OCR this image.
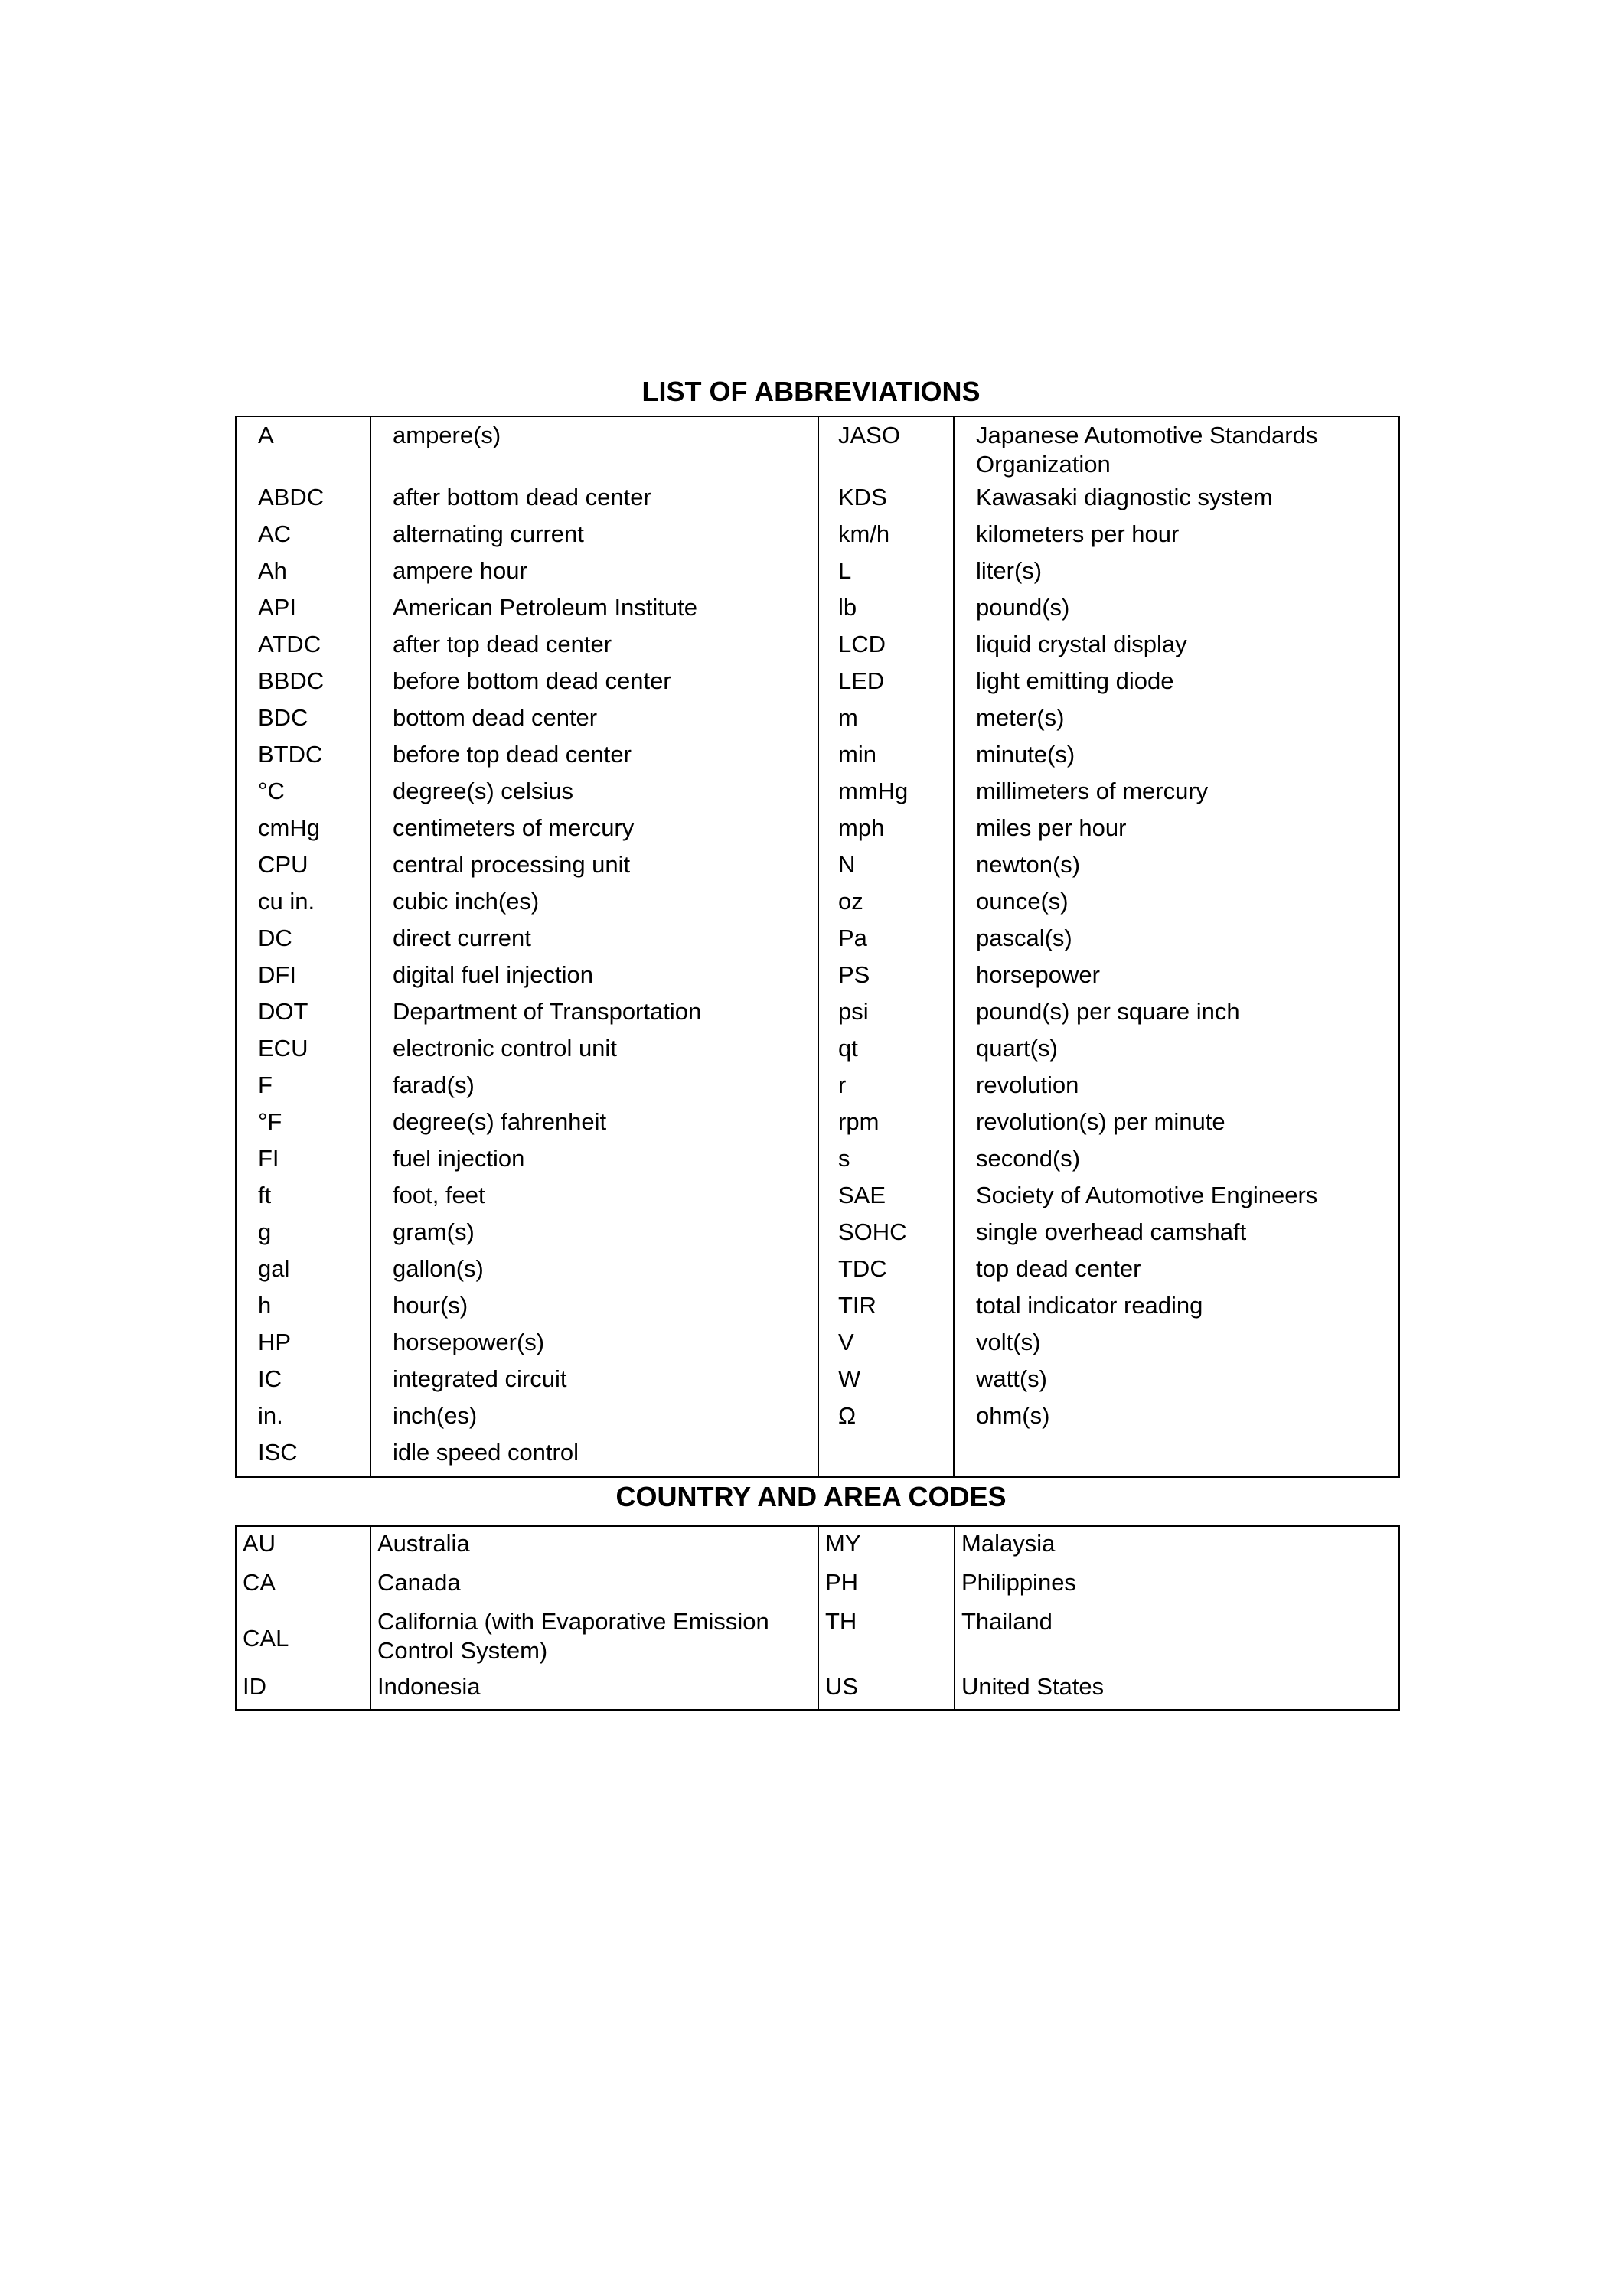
LIST OF ABBREVIATIONS
A	ampere(s)	JASO	Japanese Automotive Standards Organization
ABDC	after bottom dead center	KDS	Kawasaki diagnostic system
AC	alternating current	km/h	kilometers per hour
Ah	ampere hour	L	liter(s)
API	American Petroleum Institute	lb	pound(s)
ATDC	after top dead center	LCD	liquid crystal display
BBDC	before bottom dead center	LED	light emitting diode
BDC	bottom dead center	m	meter(s)
BTDC	before top dead center	min	minute(s)
°C	degree(s) celsius	mmHg	millimeters of mercury
cmHg	centimeters of mercury	mph	miles per hour
CPU	central processing unit	N	newton(s)
cu in.	cubic inch(es)	oz	ounce(s)
DC	direct current	Pa	pascal(s)
DFI	digital fuel injection	PS	horsepower
DOT	Department of Transportation	psi	pound(s) per square inch
ECU	electronic control unit	qt	quart(s)
F	farad(s)	r	revolution
°F	degree(s) fahrenheit	rpm	revolution(s) per minute
FI	fuel injection	s	second(s)
ft	foot, feet	SAE	Society of Automotive Engineers
g	gram(s)	SOHC	single overhead camshaft
gal	gallon(s)	TDC	top dead center
h	hour(s)	TIR	total indicator reading
HP	horsepower(s)	V	volt(s)
IC	integrated circuit	W	watt(s)
in.	inch(es)	Ω	ohm(s)
ISC	idle speed control		
COUNTRY AND AREA CODES
AU	Australia	MY	Malaysia
CA	Canada	PH	Philippines
CAL	California (with Evaporative Emission Control System)	TH	Thailand
ID	Indonesia	US	United States
